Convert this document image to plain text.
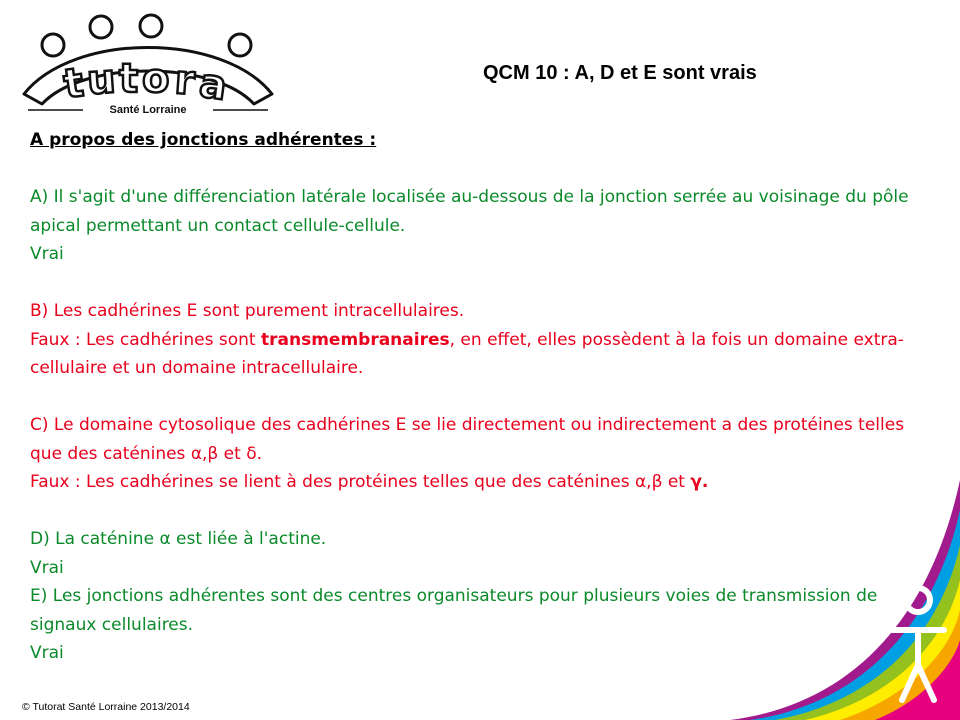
t u t o r a
Santé Lorraine
QCM 10 : A, D et E sont vrais

A propos des jonctions adhérentes :

A) Il s'agit d'une différenciation latérale localisée au-dessous de la jonction serrée au voisinage du pôle apical permettant un contact cellule-cellule.

Vrai

B) Les cadhérines E sont purement intracellulaires.

Faux : Les cadhérines sont transmembranaires, en effet, elles possèdent à la fois un domaine extra-cellulaire et un domaine intracellulaire.

C) Le domaine cytosolique des cadhérines E se lie directement ou indirectement a des protéines telles que des caténines α,β et δ.

Faux : Les cadhérines se lient à des protéines telles que des caténines α,β et γ.

D) La caténine α est liée à l'actine.

Vrai

E) Les jonctions adhérentes sont des centres organisateurs pour plusieurs voies de transmission de signaux cellulaires.

Vrai

© Tutorat Santé Lorraine 2013/2014
